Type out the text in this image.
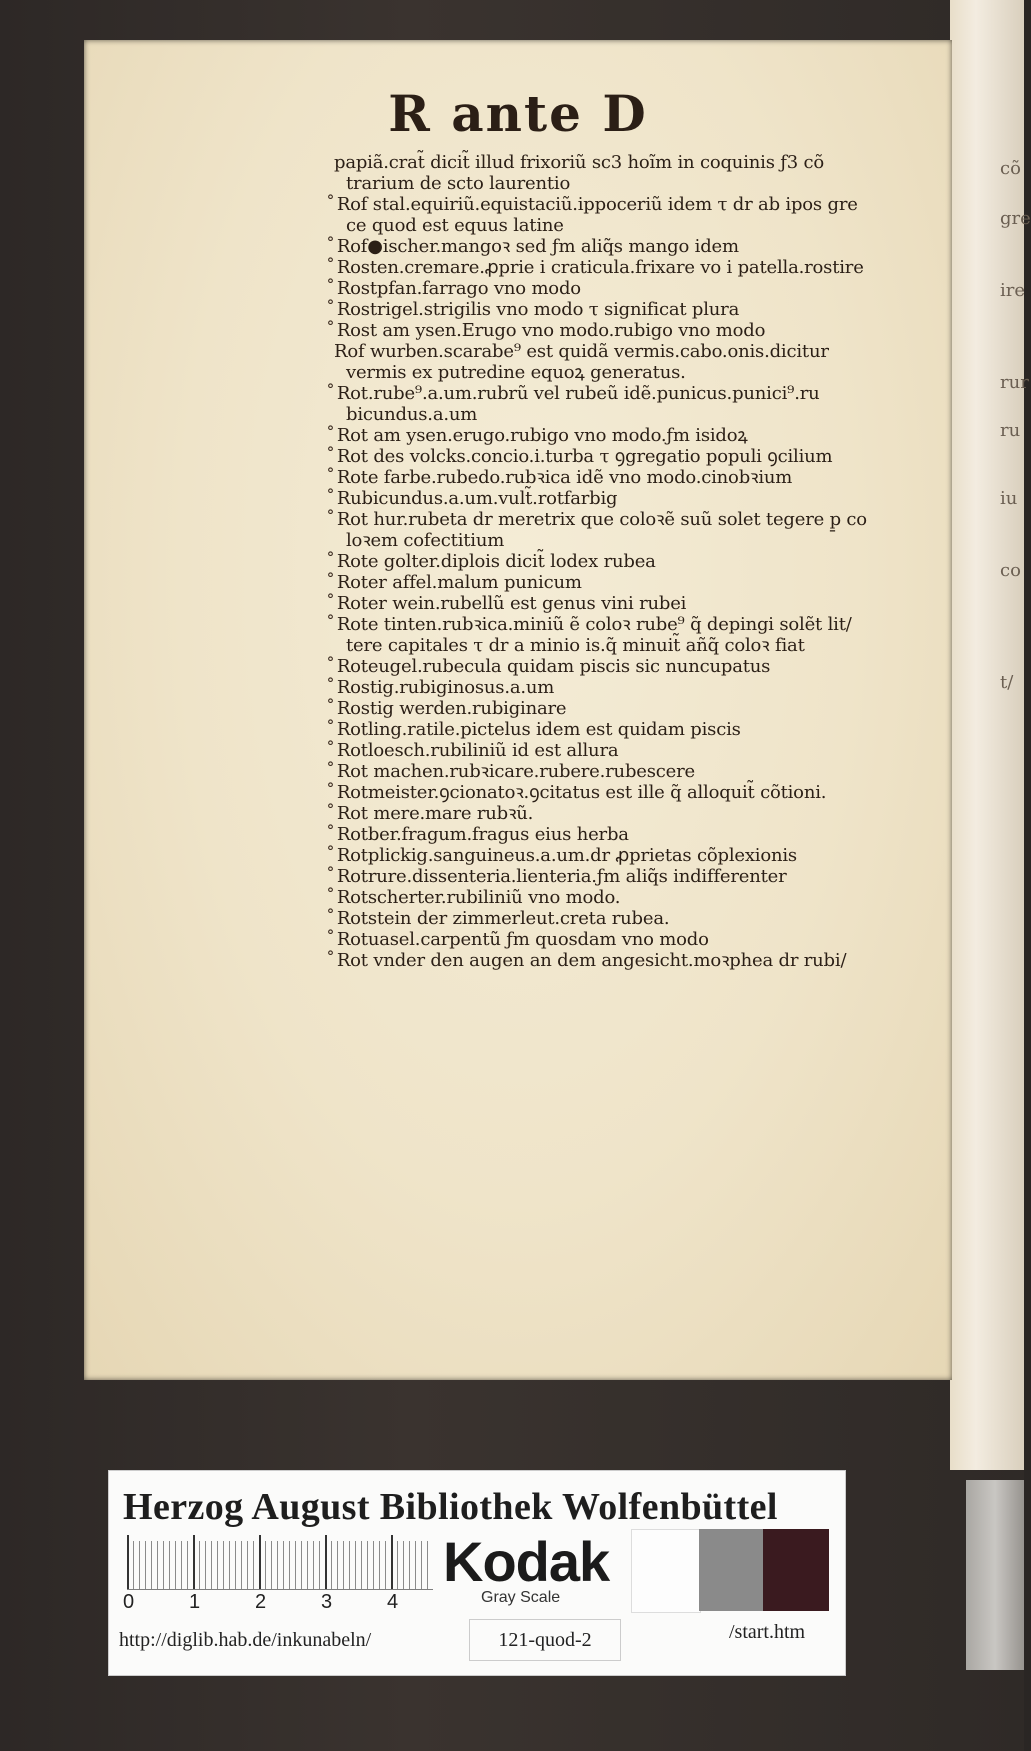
cõ
gre
ire
rur
ru
iu
co
t/
R ante D
papiã.crat̃ dicit̃ illud frixoriũ sc3 hoĩm in coquinis ƒ3 cõ
trarium de scto laurentio
˚ Rof stal.equiriũ.equistaciũ.ippoceriũ idem τ dr ab ipos gre
ce quod est equus latine
˚ Rof●ischer.mangoꝛ sed ƒm aliq̃s mango idem
˚ Rosten.cremare.ꝓprie i craticula.frixare vo i patella.rostire
˚ Rostpfan.farrago vno modo
˚ Rostrigel.strigilis vno modo τ significat plura
˚ Rost am ysen.Erugo vno modo.rubigo vno modo
Rof wurben.scarabe⁹ est quidã vermis.cabo.onis.dicitur
vermis ex putredine equoꝝ generatus.
˚ Rot.rube⁹.a.um.rubrũ vel rubeũ idẽ.punicus.punici⁹.ru
bicundus.a.um
˚ Rot am ysen.erugo.rubigo vno modo.ƒm isidoꝝ
˚ Rot des volcks.concio.i.turba τ ꝯgregatio populi ꝯcilium
˚ Rote farbe.rubedo.rubꝛica idẽ vno modo.cinobꝛium
˚ Rubicundus.a.um.vult̃.rotfarbig
˚ Rot hur.rubeta dr meretrix que coloꝛẽ suũ solet tegere p̱ co
loꝛem cofectitium
˚ Rote golter.diplois dicit̃ lodex rubea
˚ Roter affel.malum punicum
˚ Roter wein.rubellũ est genus vini rubei
˚ Rote tinten.rubꝛica.miniũ ẽ coloꝛ rube⁹ q̃ depingi solẽt lit/
tere capitales τ dr a minio is.q̃ minuit̃ añq̃ coloꝛ fiat
˚ Roteugel.rubecula quidam piscis sic nuncupatus
˚ Rostig.rubiginosus.a.um
˚ Rostig werden.rubiginare
˚ Rotling.ratile.pictelus idem est quidam piscis
˚ Rotloesch.rubiliniũ id est allura
˚ Rot machen.rubꝛicare.rubere.rubescere
˚ Rotmeister.ꝯcionatoꝛ.ꝯcitatus est ille q̃ alloquit̃ cõtioni.
˚ Rot mere.mare rubꝛũ.
˚ Rotber.fragum.fragus eius herba
˚ Rotplickig.sanguineus.a.um.dr ꝓprietas cõplexionis
˚ Rotrure.dissenteria.lienteria.ƒm aliq̃s indifferenter
˚ Rotscherter.rubiliniũ vno modo.
˚ Rotstein der zimmerleut.creta rubea.
˚ Rotuasel.carpentũ ƒm quosdam vno modo
˚ Rot vnder den augen an dem angesicht.moꝛphea dr rubi/
Herzog August Bibliothek Wolfenbüttel
0	1	2	3	4
Kodak
Gray Scale
http://diglib.hab.de/inkunabeln/	121-quod-2	/start.htm
